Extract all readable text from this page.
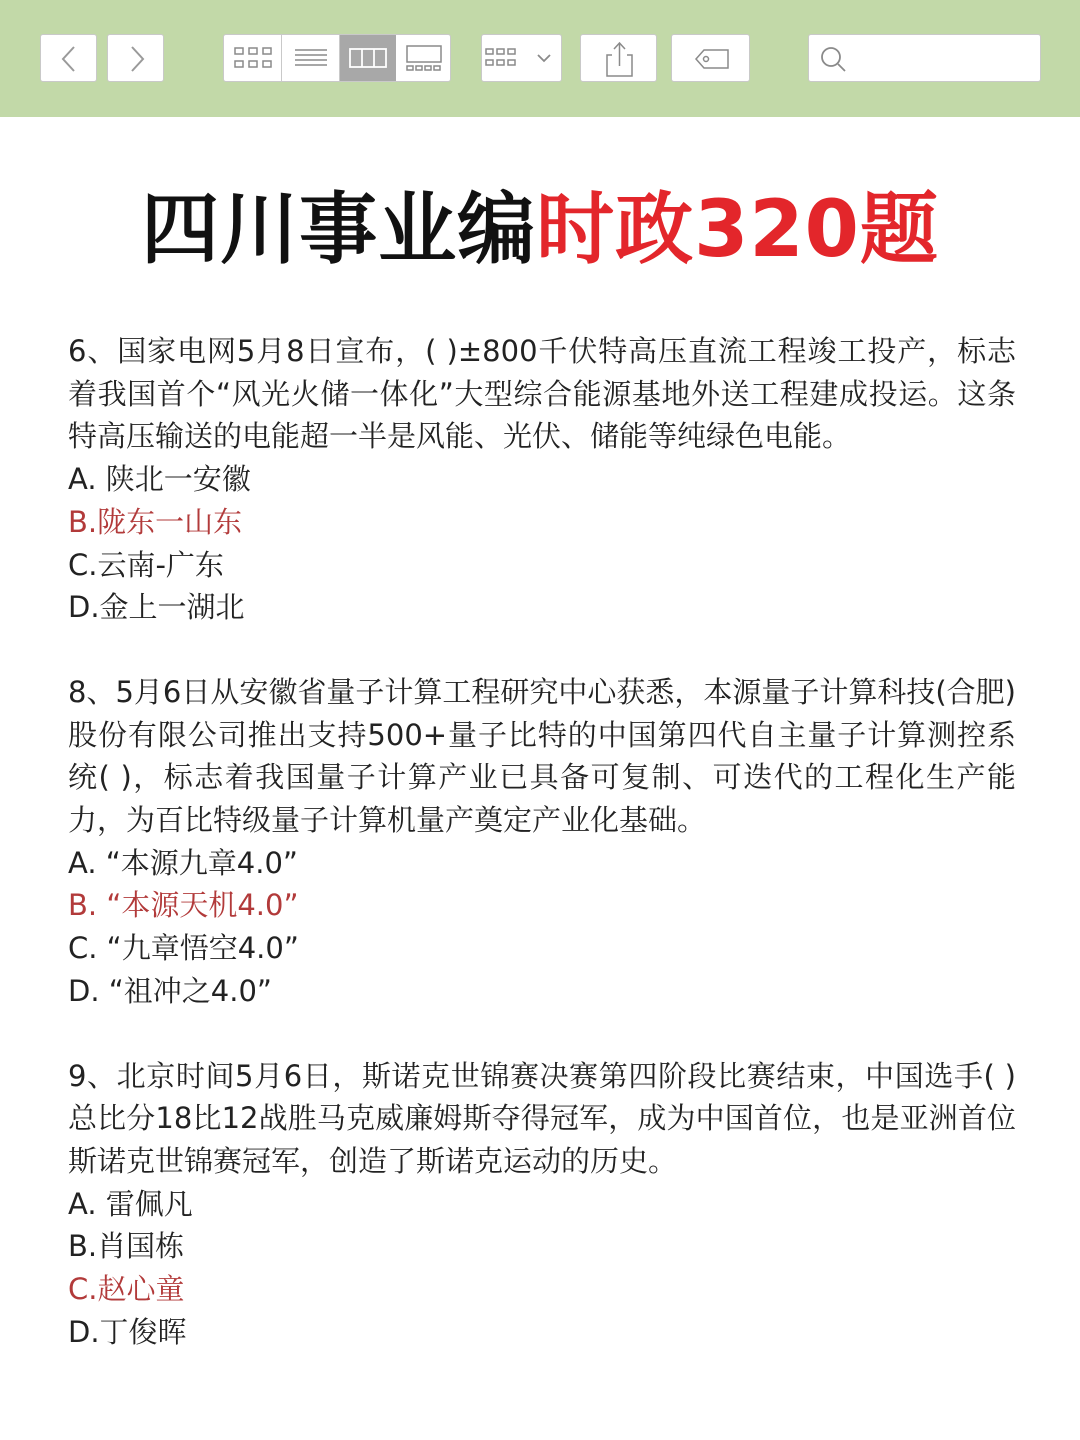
四川事业编时政320题

6、国家电网5月8日宣布，( )±800千伏特高压直流工程竣工投产，标志着我国首个“风光火储一体化”大型综合能源基地外送工程建成投运。这条特高压输送的电能超一半是风能、光伏、储能等纯绿色电能。

A. 陕北一安徽

B.陇东一山东

C.云南-广东

D.金上一湖北

8、5月6日从安徽省量子计算工程研究中心获悉，本源量子计算科技(合肥)股份有限公司推出支持500+量子比特的中国第四代自主量子计算测控系统( )，标志着我国量子计算产业已具备可复制、可迭代的工程化生产能力，为百比特级量子计算机量产奠定产业化基础。

A. “本源九章4.0”

B. “本源天机4.0”

C. “九章悟空4.0”

D. “祖冲之4.0”

9、北京时间5月6日，斯诺克世锦赛决赛第四阶段比赛结束，中国选手( )总比分18比12战胜马克威廉姆斯夺得冠军，成为中国首位，也是亚洲首位斯诺克世锦赛冠军，创造了斯诺克运动的历史。

A. 雷佩凡

B.肖国栋

C.赵心童

D.丁俊晖
